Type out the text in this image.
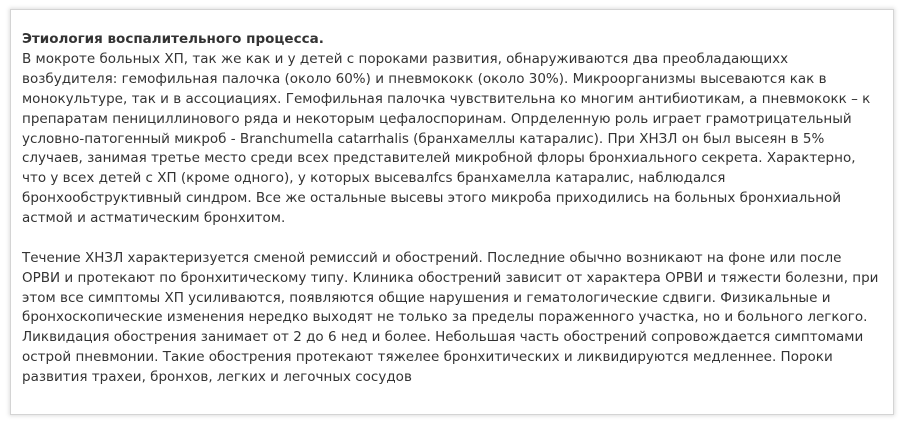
Этиология воспалительного процесса.
В мокроте больных ХП, так же как и у детей с пороками развития, обнаруживаются два преобладающихх возбудителя: гемофильная палочка (около 60%) и пневмококк (около 30%). Микроорганизмы высеваются как в монокультуре, так и в ассоциациях. Гемофильная палочка чувствительна ко многим антибиотикам, а пневмококк – к препаратам пенициллинового ряда и некоторым цефалоспоринам. Опрделенную роль играет грамотрицательный условно-патогенный микроб - Branchumella catarrhalis (бранхамеллы катаралис). При ХНЗЛ он был высеян в 5% случаев, занимая третье место среди всех представителей микробной флоры бронхиального секрета. Характерно, что у всех детей с ХП (кроме одного), у которых высевалfcs бранхамелла катаралис, наблюдался бронхообструктивный синдром. Все же остальные высевы этого микроба приходились на больных бронхиальной астмой и астматическим бронхитом.

Течение ХНЗЛ характеризуется сменой ремиссий и обострений. Последние обычно возникают на фоне или после ОРВИ и протекают по бронхитическому типу. Клиника обострений зависит от характера ОРВИ и тяжести болезни, при этом все симптомы ХП усиливаются, появляются общие нарушения и гематологические сдвиги. Физикальные и бронхоскопические изменения нередко выходят не только за пределы пораженного участка, но и больного легкого. Ликвидация обострения занимает от 2 до 6 нед и более. Небольшая часть обострений сопровождается симптомами острой пневмонии. Такие обострения протекают тяжелее бронхитических и ликвидируются медленнее. Пороки развития трахеи, бронхов, легких и легочных сосудов
